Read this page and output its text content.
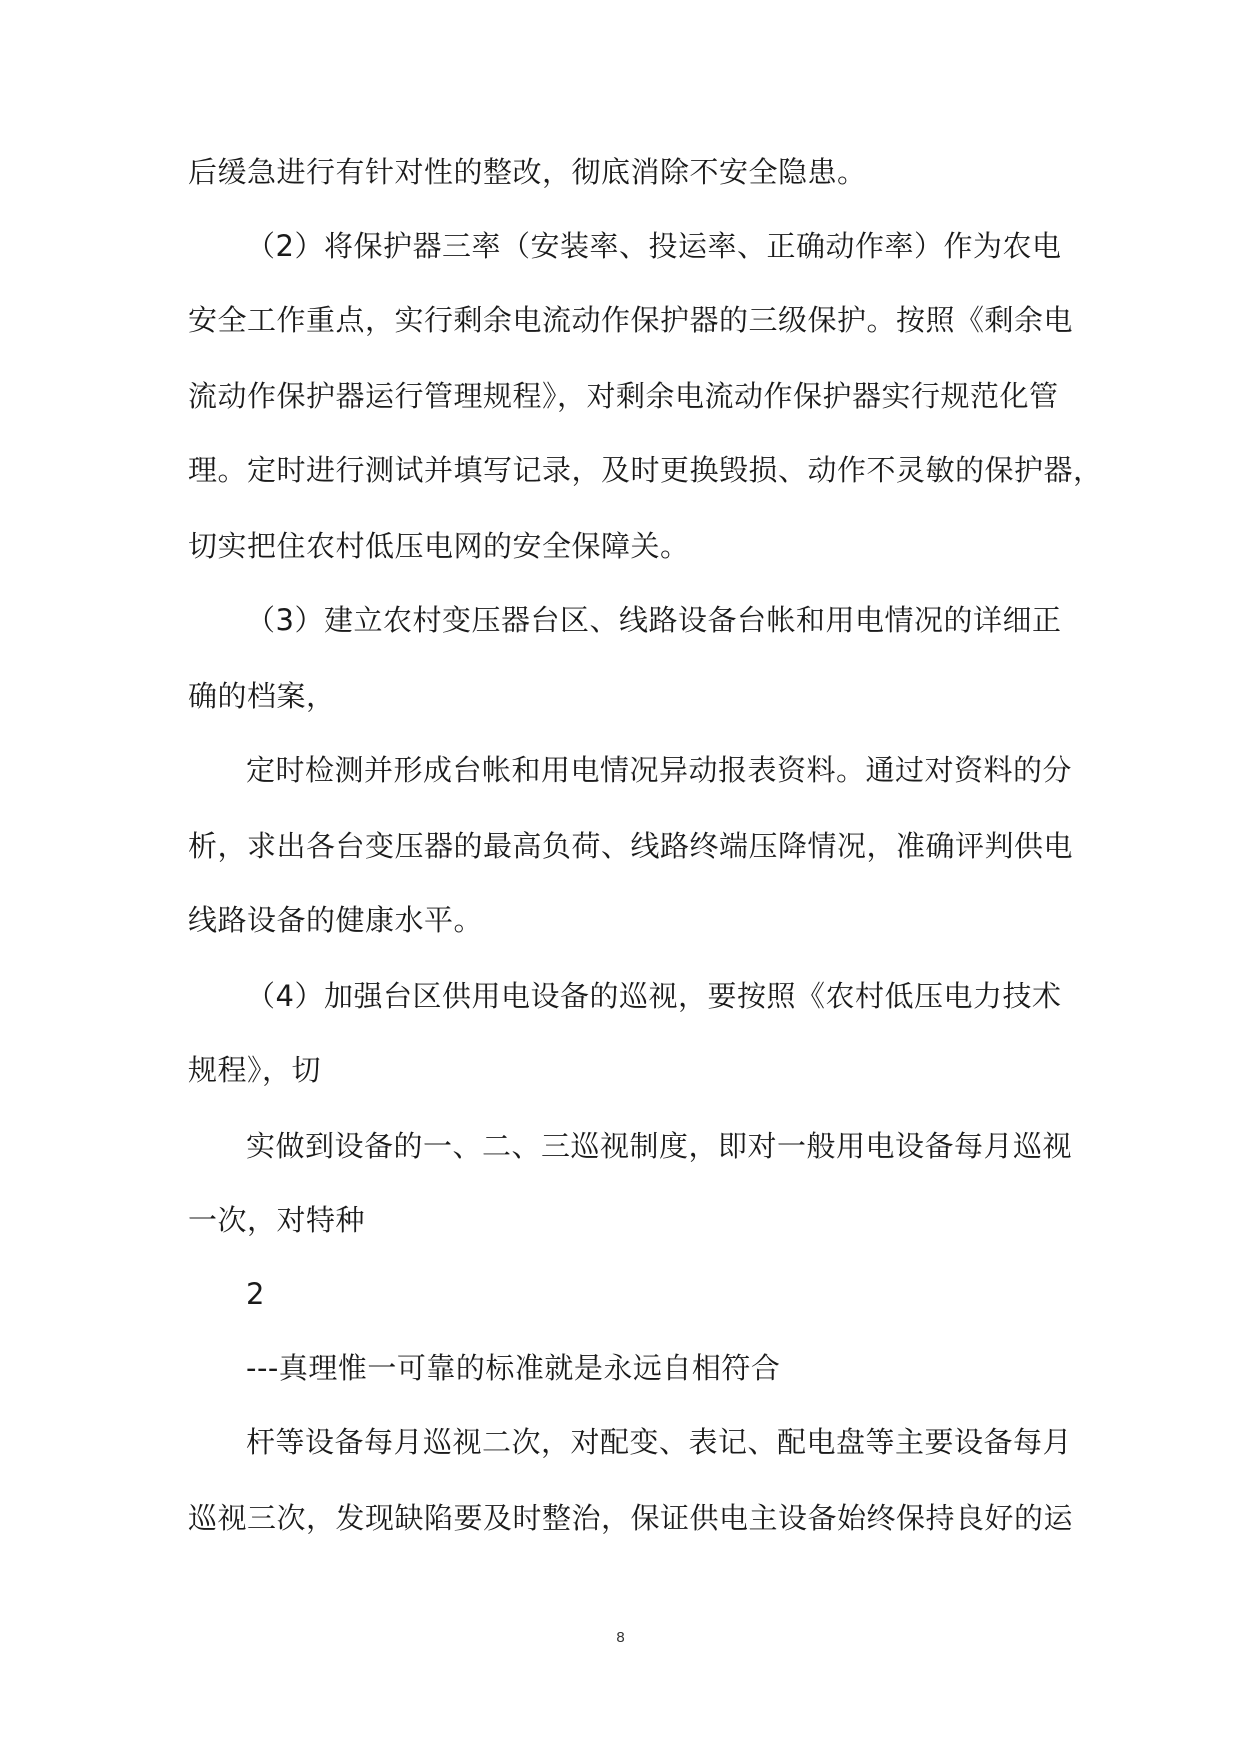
后缓急进行有针对性的整改，彻底消除不安全隐患。
（2）将保护器三率（安装率、投运率、正确动作率）作为农电
安全工作重点，实行剩余电流动作保护器的三级保护。按照《剩余电
流动作保护器运行管理规程》，对剩余电流动作保护器实行规范化管
理。定时进行测试并填写记录，及时更换毁损、动作不灵敏的保护器，
切实把住农村低压电网的安全保障关。
（3）建立农村变压器台区、线路设备台帐和用电情况的详细正
确的档案，
定时检测并形成台帐和用电情况异动报表资料。通过对资料的分
析，求出各台变压器的最高负荷、线路终端压降情况，准确评判供电
线路设备的健康水平。
（4）加强台区供用电设备的巡视，要按照《农村低压电力技术
规程》，切
实做到设备的一、二、三巡视制度，即对一般用电设备每月巡视
一次，对特种
2
---真理惟一可靠的标准就是永远自相符合
杆等设备每月巡视二次，对配变、表记、配电盘等主要设备每月
巡视三次，发现缺陷要及时整治，保证供电主设备始终保持良好的运
8
